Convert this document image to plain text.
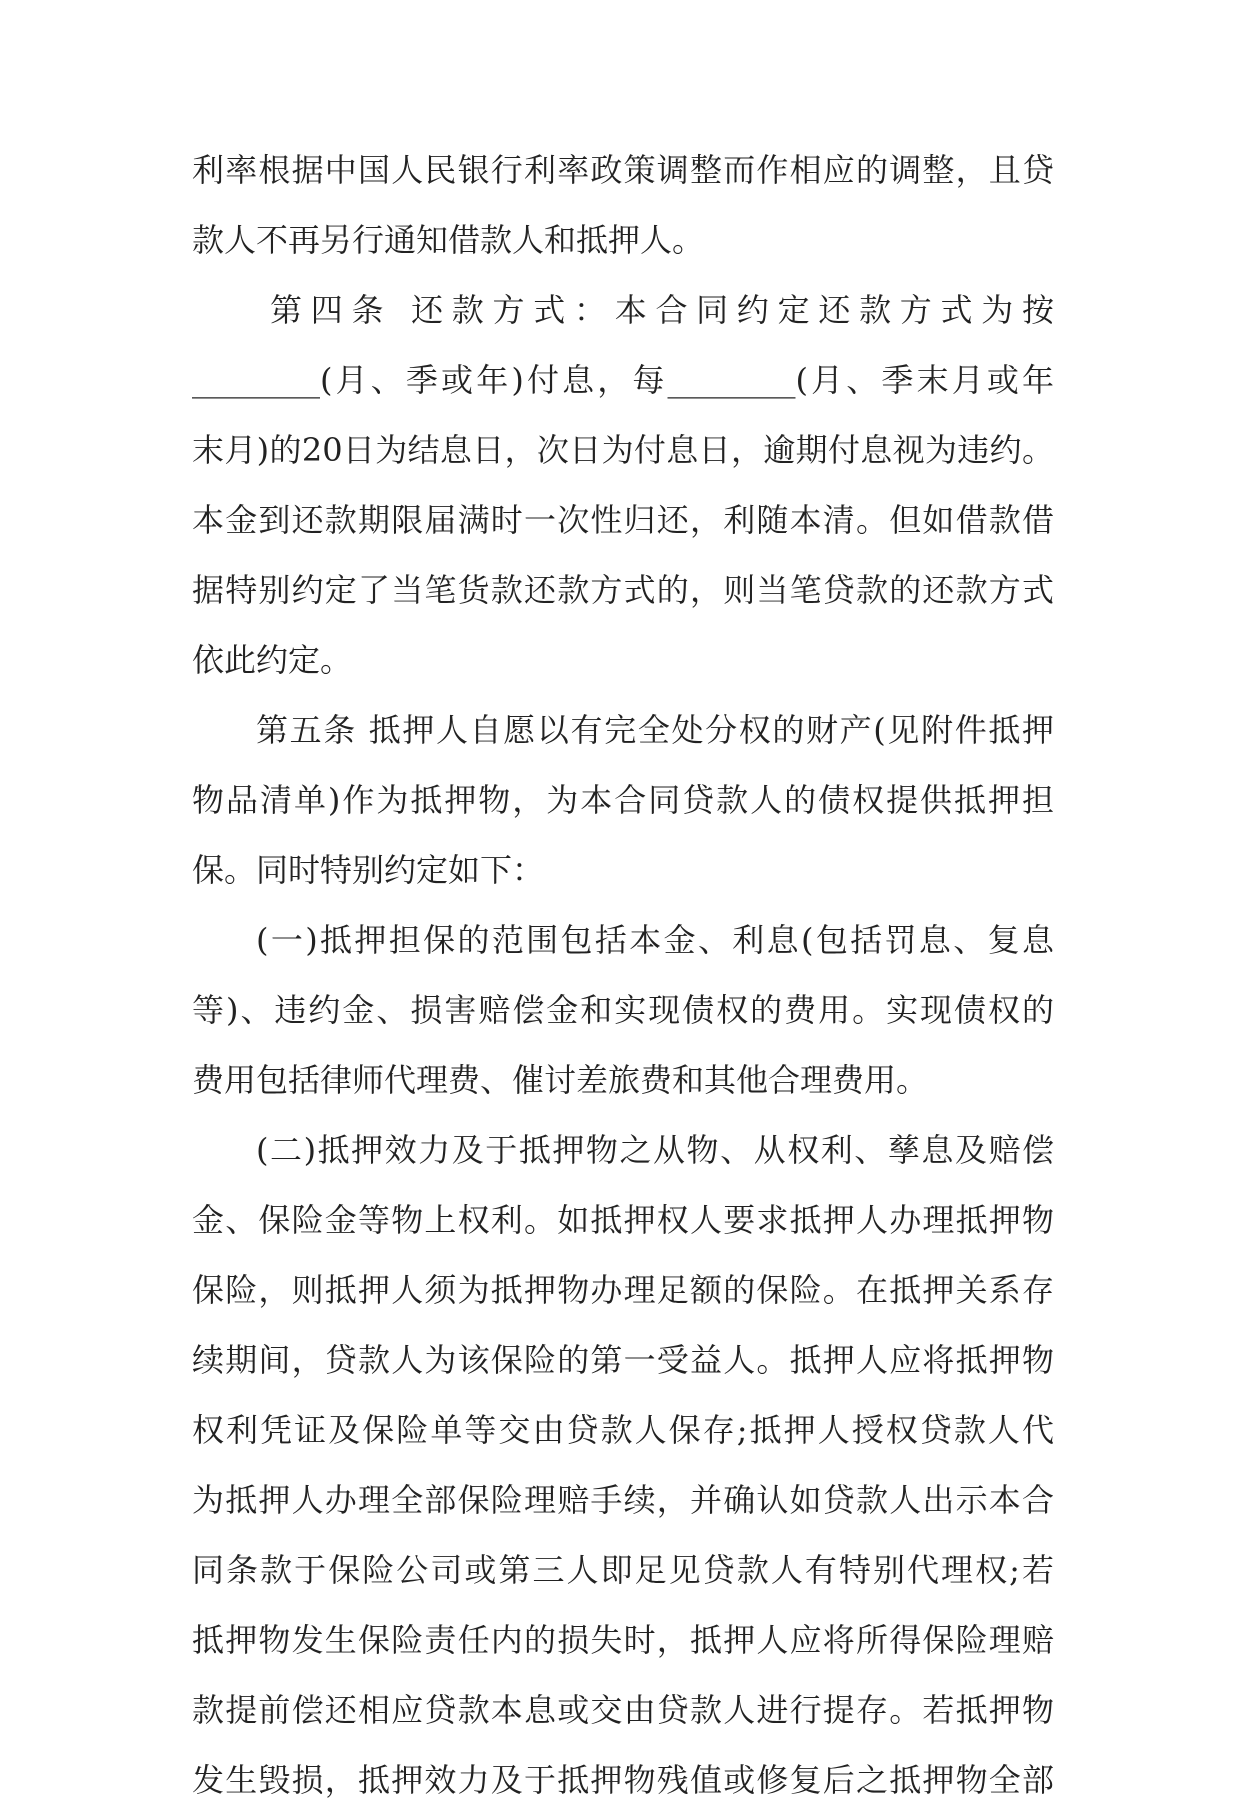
利率根据中国人民银行利率政策调整而作相应的调整，且贷
款人不再另行通知借款人和抵押人。
第四条 还款方式：本合同约定还款方式为按
________(月、季或年)付息，每________(月、季末月或年
末月)的20日为结息日，次日为付息日，逾期付息视为违约。
本金到还款期限届满时一次性归还，利随本清。但如借款借
据特别约定了当笔货款还款方式的，则当笔贷款的还款方式
依此约定。
第五条 抵押人自愿以有完全处分权的财产(见附件抵押
物品清单)作为抵押物，为本合同贷款人的债权提供抵押担
保。同时特别约定如下：
(一)抵押担保的范围包括本金、利息(包括罚息、复息
等)、违约金、损害赔偿金和实现债权的费用。实现债权的
费用包括律师代理费、催讨差旅费和其他合理费用。
(二)抵押效力及于抵押物之从物、从权利、孳息及赔偿
金、保险金等物上权利。如抵押权人要求抵押人办理抵押物
保险，则抵押人须为抵押物办理足额的保险。在抵押关系存
续期间，贷款人为该保险的第一受益人。抵押人应将抵押物
权利凭证及保险单等交由贷款人保存;抵押人授权贷款人代
为抵押人办理全部保险理赔手续，并确认如贷款人出示本合
同条款于保险公司或第三人即足见贷款人有特别代理权;若
抵押物发生保险责任内的损失时，抵押人应将所得保险理赔
款提前偿还相应贷款本息或交由贷款人进行提存。若抵押物
发生毁损，抵押效力及于抵押物残值或修复后之抵押物全部
